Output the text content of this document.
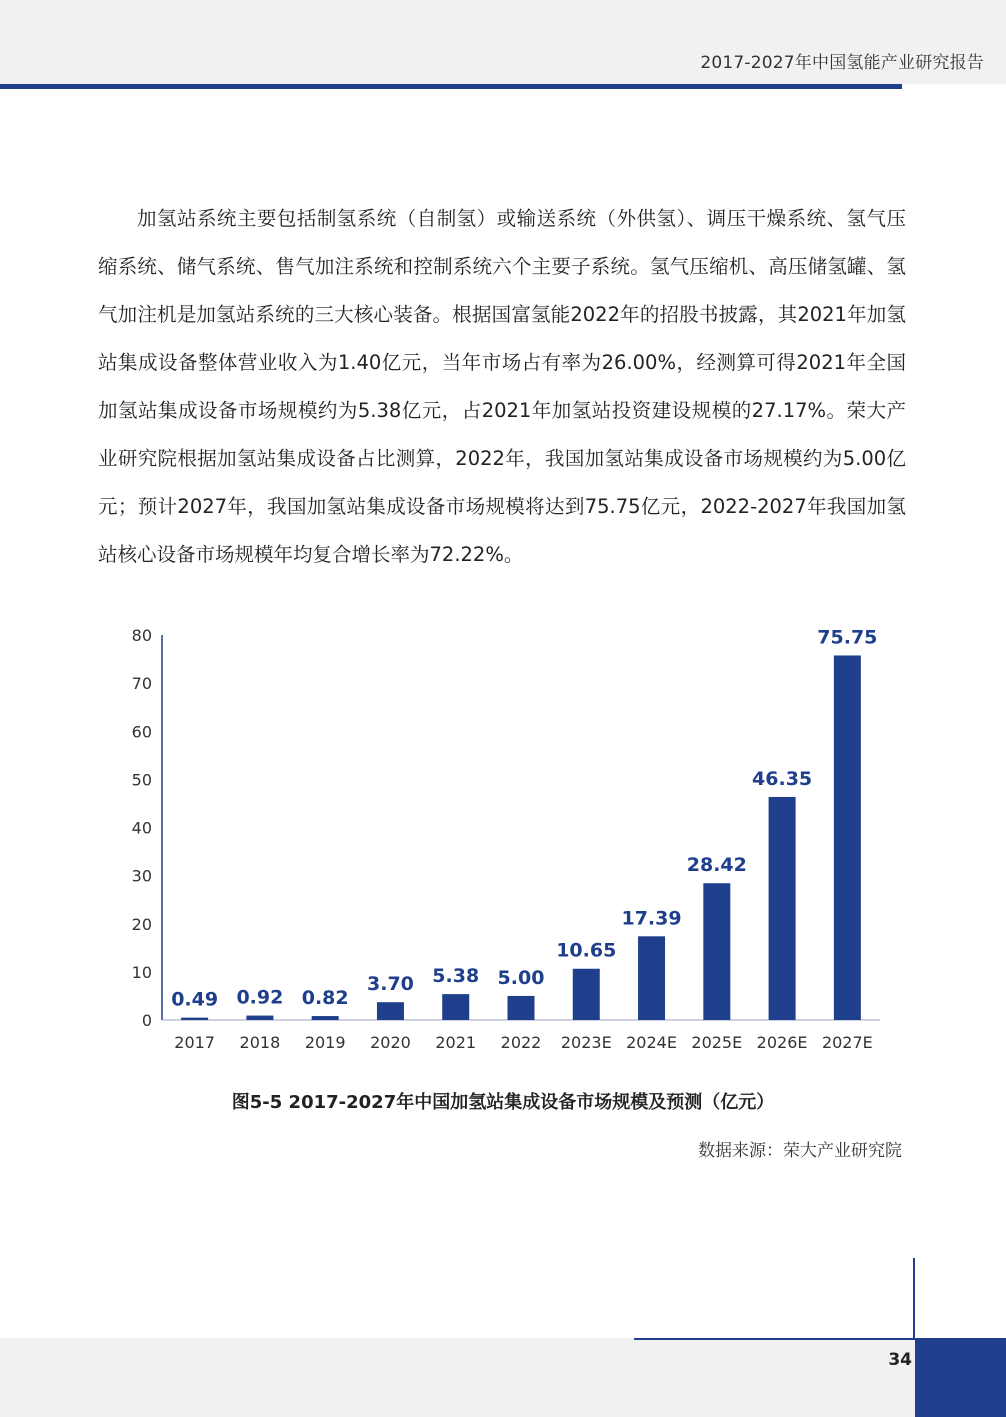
2017-2027年中国氢能产业研究报告

加氢站系统主要包括制氢系统（自制氢）或输送系统（外供氢）、调压干燥系统、氢气压缩系统、储气系统、售气加注系统和控制系统六个主要子系统。氢气压缩机、高压储氢罐、氢气加注机是加氢站系统的三大核心装备。根据国富氢能2022年的招股书披露，其2021年加氢站集成设备整体营业收入为1.40亿元，当年市场占有率为26.00%，经测算可得2021年全国加氢站集成设备市场规模约为5.38亿元，占2021年加氢站投资建设规模的27.17%。荣大产业研究院根据加氢站集成设备占比测算，2022年，我国加氢站集成设备市场规模约为5.00亿元；预计2027年，我国加氢站集成设备市场规模将达到75.75亿元，2022-2027年我国加氢站核心设备市场规模年均复合增长率为72.22%。

0
10
20
30
40
50
60
70
80
0.49
2017
0.92
2018
0.82
2019
3.70
2020
5.38
2021
5.00
2022
10.65
2023E
17.39
2024E
28.42
2025E
46.35
2026E
75.75
2027E
图5-5 2017-2027年中国加氢站集成设备市场规模及预测（亿元）
数据来源：荣大产业研究院
34
